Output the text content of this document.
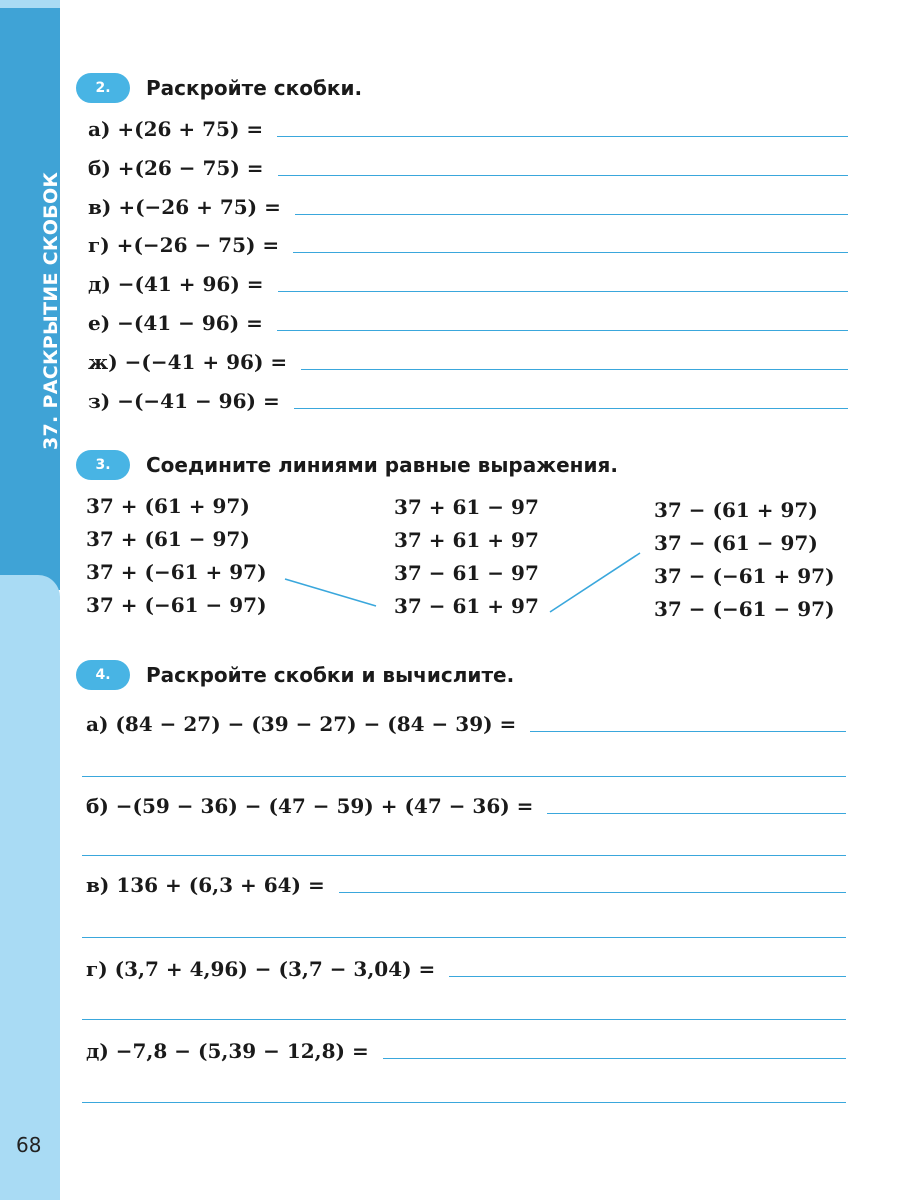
37. РАСКРЫТИЕ СКОБОК
68
2.	Раскройте скобки.
а) +(26 + 75) =
б) +(26 − 75) =
в) +(−26 + 75) =
г) +(−26 − 75) =
д) −(41 + 96) =
е) −(41 − 96) =
ж) −(−41 + 96) =
з) −(−41 − 96) =
3.	Соедините линиями равные выражения.
37 + (61 + 97)
37 + (61 − 97)
37 + (−61 + 97)
37 + (−61 − 97)
37 + 61 − 97
37 + 61 + 97
37 − 61 − 97
37 − 61 + 97
37 − (61 + 97)
37 − (61 − 97)
37 − (−61 + 97)
37 − (−61 − 97)
4.	Раскройте скобки и вычислите.
а) (84 − 27) − (39 − 27) − (84 − 39) =
б) −(59 − 36) − (47 − 59) + (47 − 36) =
в) 136 + (6,3 + 64) =
г) (3,7 + 4,96) − (3,7 − 3,04) =
д) −7,8 − (5,39 − 12,8) =
